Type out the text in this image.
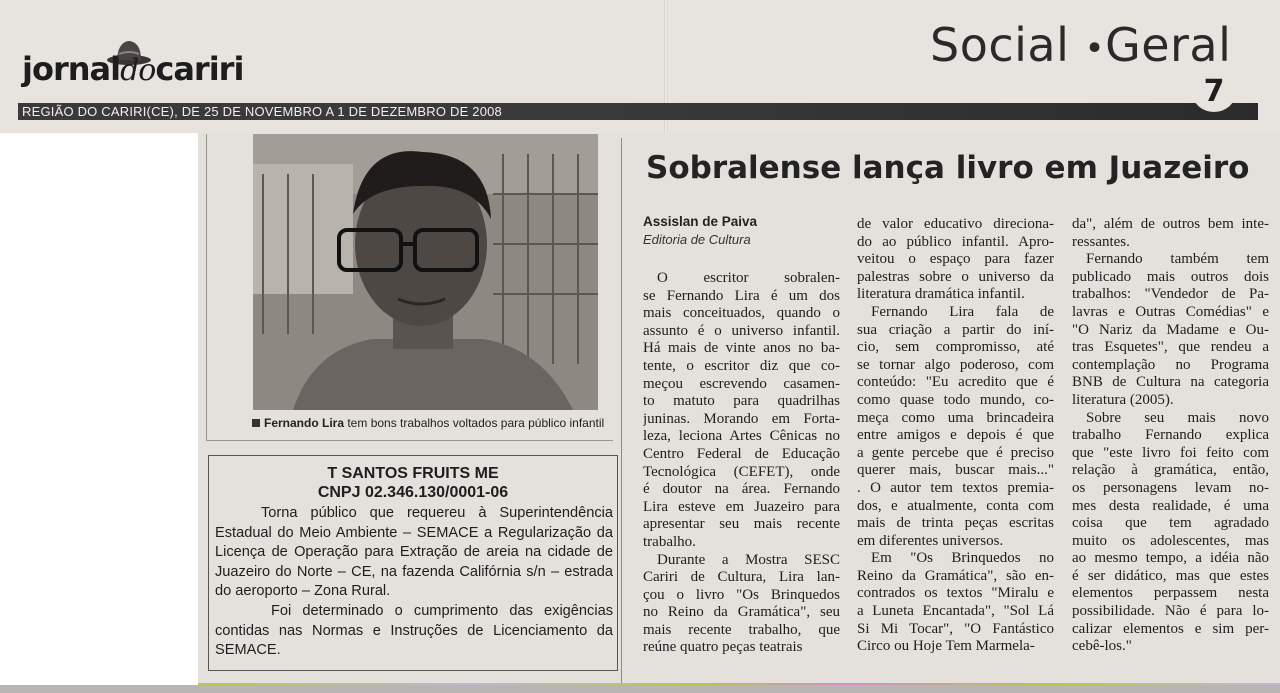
jornaldocariri
REGIÃO DO CARIRI(CE), DE 25 DE NOVEMBRO A 1 DE DEZEMBRO DE 2008
Social •Geral
7
Fernando Lira tem bons trabalhos voltados para público infantil
T SANTOS FRUITS ME
CNPJ 02.346.130/0001-06
Torna público que requereu à Superintendência Estadual do Meio Ambiente – SEMACE a Regularização da Licença de Operação para Extração de areia na cidade de Juazeiro do Norte – CE, na fazenda Califórnia s/n – estrada do aeroporto – Zona Rural.
Foi determinado o cumprimento das exigências contidas nas Normas e Instruções de Licenciamento da SEMACE.
Sobralense lança livro em Juazeiro
Assislan de Paiva
Editoria de Cultura
O escritor sobralen-
se Fernando Lira é um dos
mais conceituados, quando o
assunto é o universo infantil.
Há mais de vinte anos no ba-
tente, o escritor diz que co-
meçou escrevendo casamen-
to matuto para quadrilhas
juninas. Morando em Forta-
leza, leciona Artes Cênicas no
Centro Federal de Educação
Tecnológica (CEFET), onde
é doutor na área. Fernando
Lira esteve em Juazeiro para
apresentar seu mais recente
trabalho.
Durante a Mostra SESC
Cariri de Cultura, Lira lan-
çou o livro "Os Brinquedos
no Reino da Gramática", seu
mais recente trabalho, que
reúne quatro peças teatrais
de valor educativo direciona-
do ao público infantil. Apro-
veitou o espaço para fazer
palestras sobre o universo da
literatura dramática infantil.
Fernando Lira fala de
sua criação a partir do iní-
cio, sem compromisso, até
se tornar algo poderoso, com
conteúdo: "Eu acredito que é
como quase todo mundo, co-
meça como uma brincadeira
entre amigos e depois é que
a gente percebe que é preciso
querer mais, buscar mais..."
. O autor tem textos premia-
dos, e atualmente, conta com
mais de trinta peças escritas
em diferentes universos.
Em "Os Brinquedos no
Reino da Gramática", são en-
contrados os textos "Miralu e
a Luneta Encantada", "Sol Lá
Si Mi Tocar", "O Fantástico
Circo ou Hoje Tem Marmela-
da", além de outros bem inte-
ressantes.
Fernando também tem
publicado mais outros dois
trabalhos: "Vendedor de Pa-
lavras e Outras Comédias" e
"O Nariz da Madame e Ou-
tras Esquetes", que rendeu a
contemplação no Programa
BNB de Cultura na categoria
literatura (2005).
Sobre seu mais novo
trabalho Fernando explica
que "este livro foi feito com
relação à gramática, então,
os personagens levam no-
mes desta realidade, é uma
coisa que tem agradado
muito os adolescentes, mas
ao mesmo tempo, a idéia não
é ser didático, mas que estes
elementos perpassem nesta
possibilidade. Não é para lo-
calizar elementos e sim per-
cebê-los."
